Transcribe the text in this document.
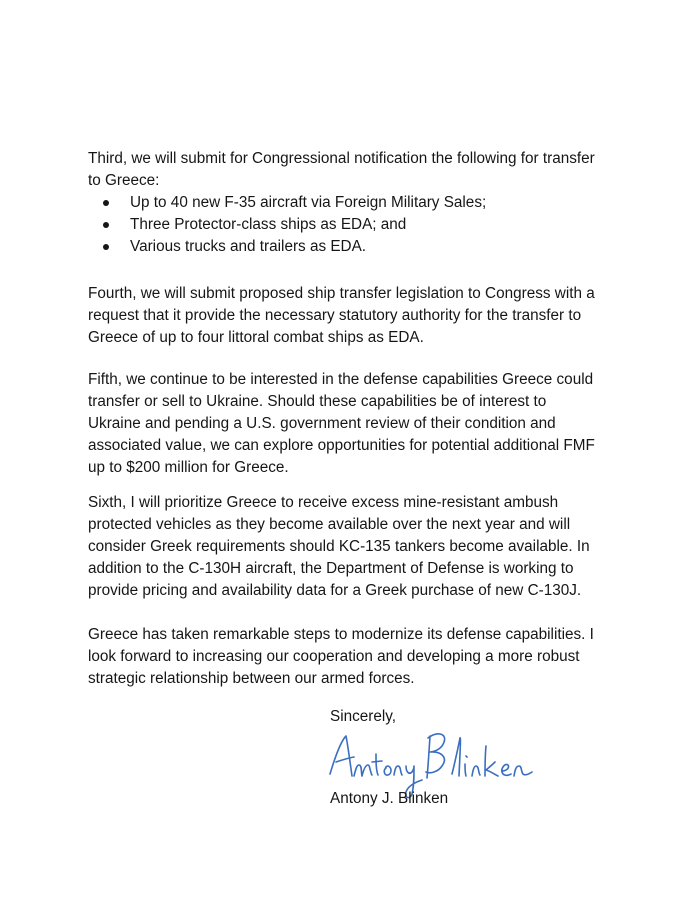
Third, we will submit for Congressional notification the following for transfer
to Greece:

Up to 40 new F-35 aircraft via Foreign Military Sales;
Three Protector-class ships as EDA; and
Various trucks and trailers as EDA.

Fourth, we will submit proposed ship transfer legislation to Congress with a
request that it provide the necessary statutory authority for the transfer to
Greece of up to four littoral combat ships as EDA.

Fifth, we continue to be interested in the defense capabilities Greece could
transfer or sell to Ukraine. Should these capabilities be of interest to
Ukraine and pending a U.S. government review of their condition and
associated value, we can explore opportunities for potential additional FMF
up to $200 million for Greece.

Sixth, I will prioritize Greece to receive excess mine-resistant ambush
protected vehicles as they become available over the next year and will
consider Greek requirements should KC-135 tankers become available. In
addition to the C-130H aircraft, the Department of Defense is working to
provide pricing and availability data for a Greek purchase of new C-130J.

Greece has taken remarkable steps to modernize its defense capabilities. I
look forward to increasing our cooperation and developing a more robust
strategic relationship between our armed forces.

Sincerely,
Antony J. Blinken
